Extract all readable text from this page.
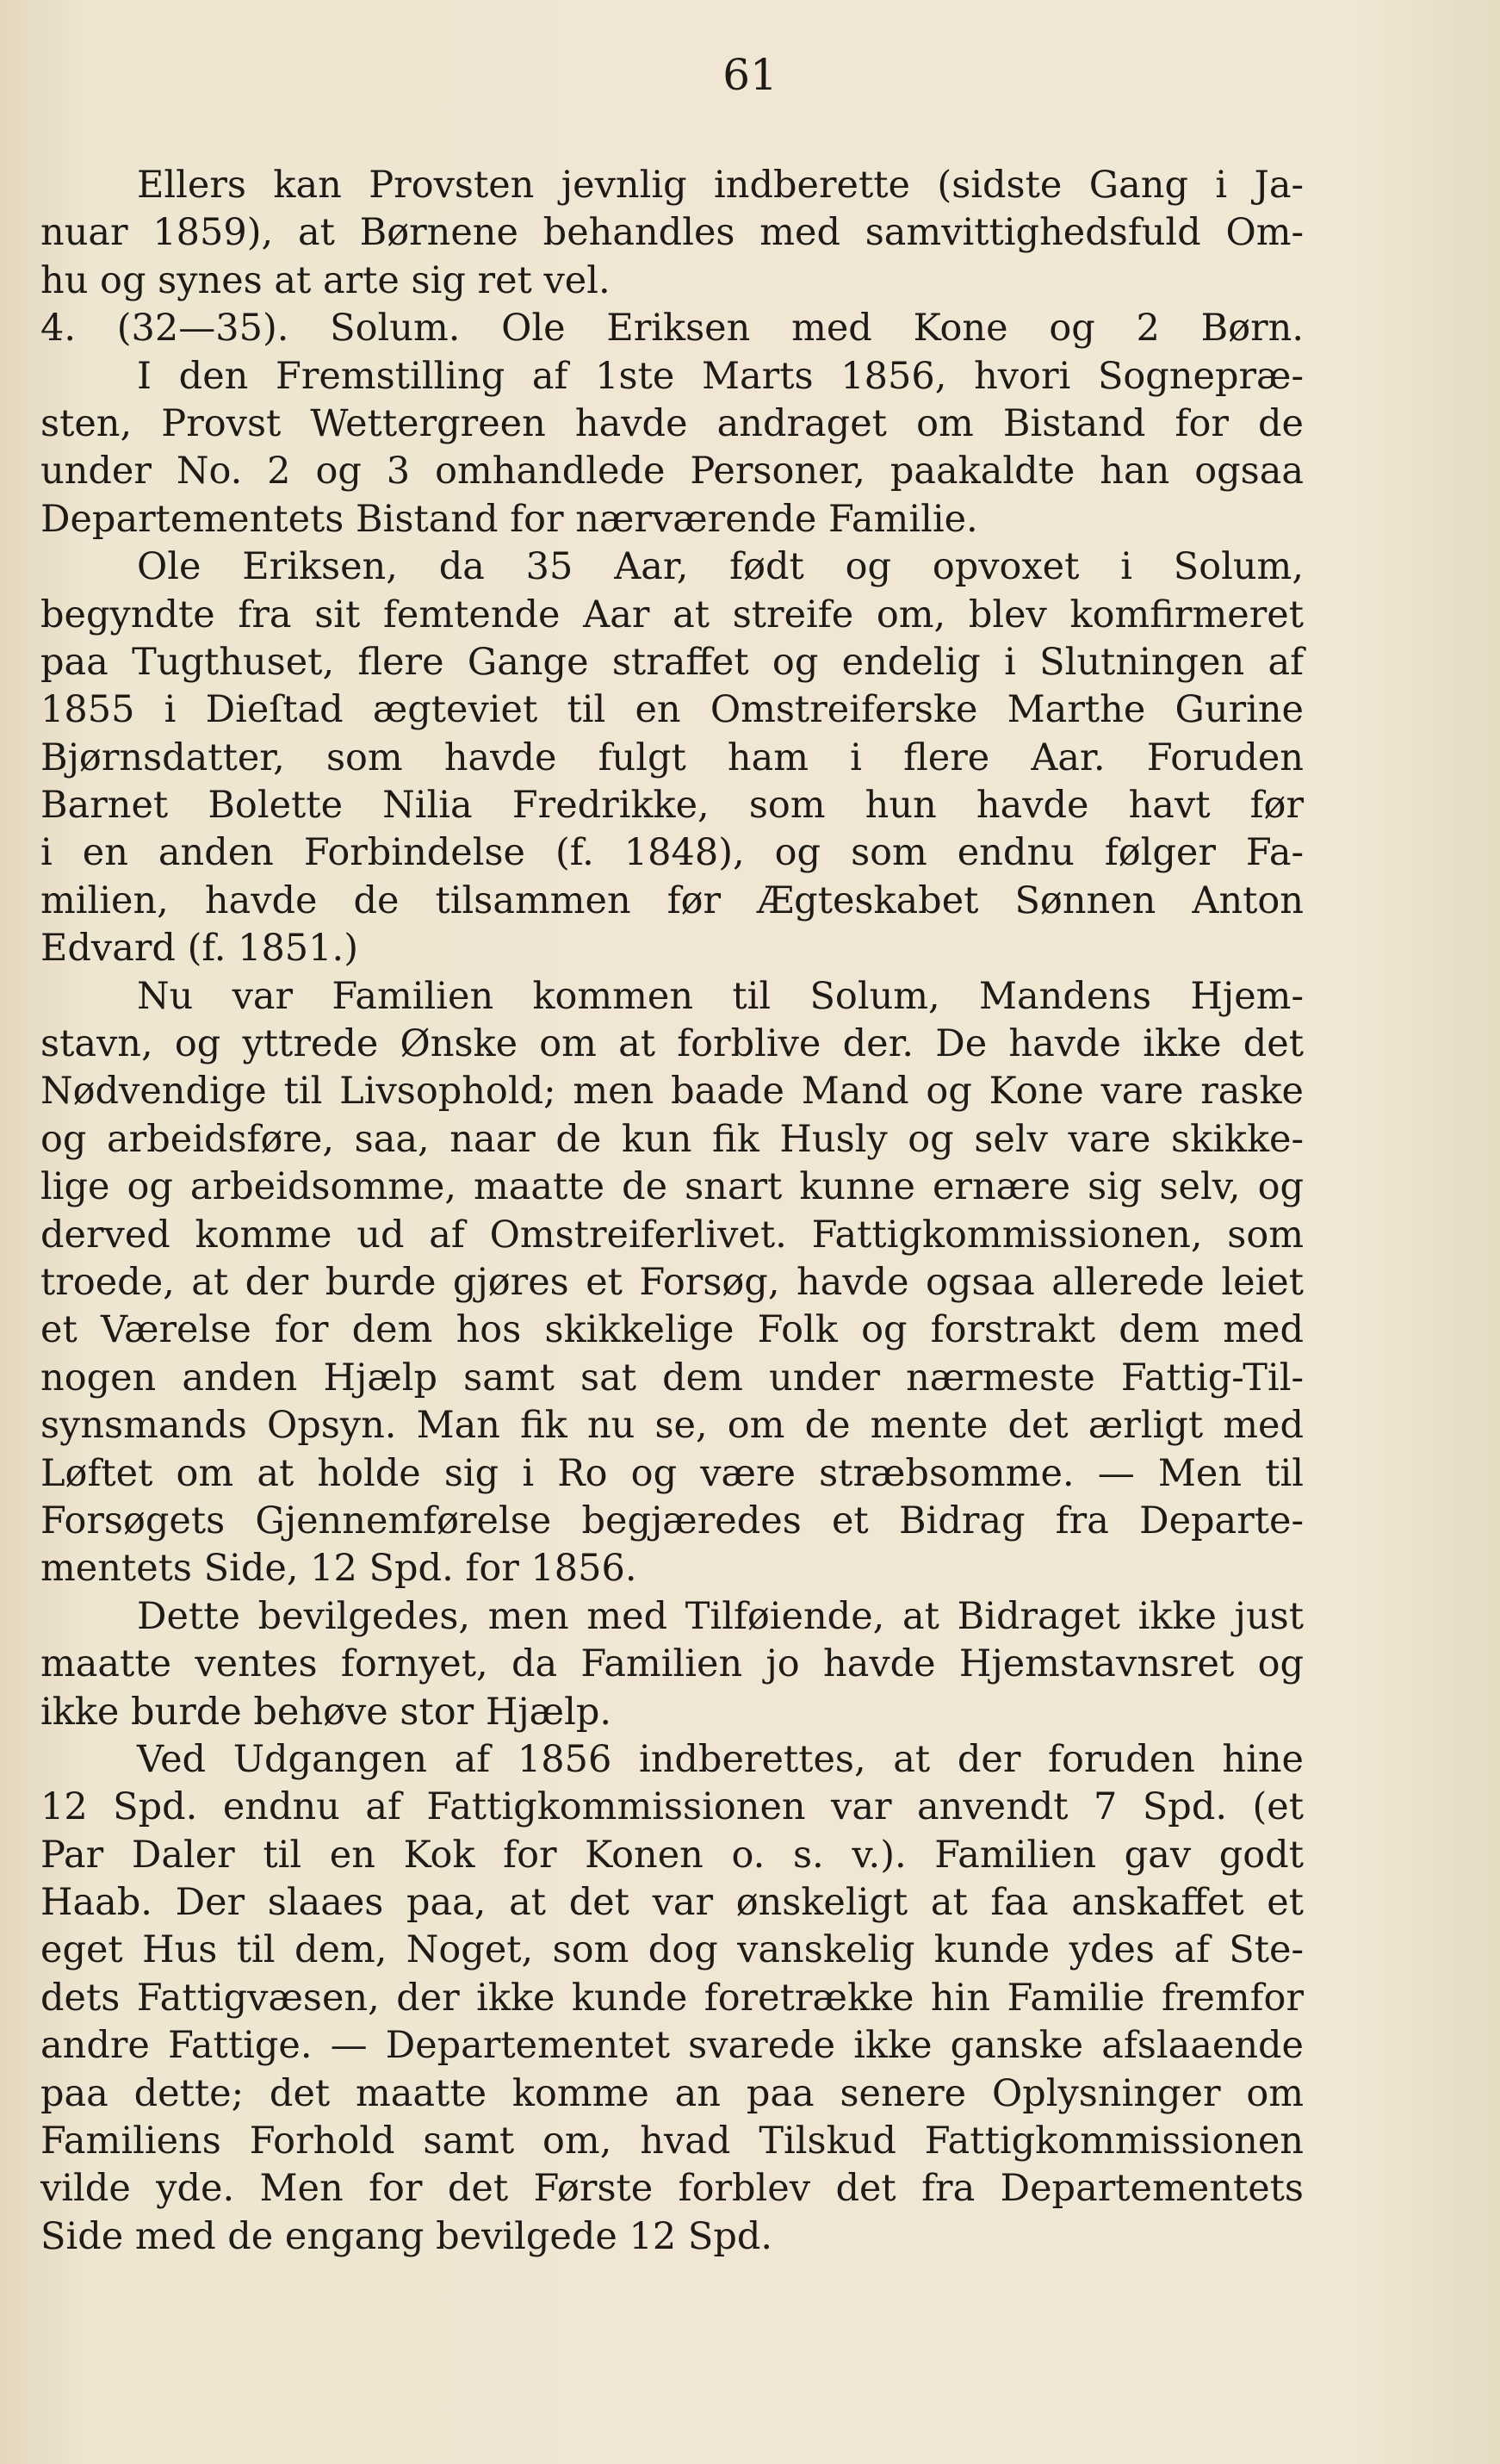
61
Ellers kan Provsten jevnlig indberette (sidste Gang i Ja-
nuar 1859), at Børnene behandles med samvittighedsfuld Om-
hu og synes at arte sig ret vel.
4. (32—35). Solum. Ole Eriksen med Kone og 2 Børn.
I den Fremstilling af 1ste Marts 1856, hvori Sognepræ-
sten, Provst Wettergreen havde andraget om Bistand for de
under No. 2 og 3 omhandlede Personer, paakaldte han ogsaa
Departementets Bistand for nærværende Familie.
Ole Eriksen, da 35 Aar, født og opvoxet i Solum,
begyndte fra sit femtende Aar at streife om, blev komfirmeret
paa Tugthuset, flere Gange straffet og endelig i Slutningen af
1855 i Dieſtad ægteviet til en Omstreiferske Marthe Gurine
Bjørnsdatter, som havde fulgt ham i flere Aar. Foruden
Barnet Bolette Nilia Fredrikke, som hun havde havt før
i en anden Forbindelse (f. 1848), og som endnu følger Fa-
milien, havde de tilsammen før Ægteskabet Sønnen Anton
Edvard (f. 1851.)
Nu var Familien kommen til Solum, Mandens Hjem-
stavn, og yttrede Ønske om at forblive der. De havde ikke det
Nødvendige til Livsophold; men baade Mand og Kone vare raske
og arbeidsføre, saa, naar de kun fik Husly og selv vare skikke-
lige og arbeidsomme, maatte de snart kunne ernære sig selv, og
derved komme ud af Omstreiferlivet. Fattigkommissionen, som
troede, at der burde gjøres et Forsøg, havde ogsaa allerede leiet
et Værelse for dem hos skikkelige Folk og forstrakt dem med
nogen anden Hjælp samt sat dem under nærmeste Fattig-Til-
synsmands Opsyn. Man fik nu se, om de mente det ærligt med
Løftet om at holde sig i Ro og være stræbsomme. — Men til
Forsøgets Gjennemførelse begjæredes et Bidrag fra Departe-
mentets Side, 12 Spd. for 1856.
Dette bevilgedes, men med Tilføiende, at Bidraget ikke just
maatte ventes fornyet, da Familien jo havde Hjemstavnsret og
ikke burde behøve stor Hjælp.
Ved Udgangen af 1856 indberettes, at der foruden hine
12 Spd. endnu af Fattigkommissionen var anvendt 7 Spd. (et
Par Daler til en Kok for Konen o. s. v.). Familien gav godt
Haab. Der slaaes paa, at det var ønskeligt at faa anskaffet et
eget Hus til dem, Noget, som dog vanskelig kunde ydes af Ste-
dets Fattigvæsen, der ikke kunde foretrække hin Familie fremfor
andre Fattige. — Departementet svarede ikke ganske afslaaende
paa dette; det maatte komme an paa senere Oplysninger om
Familiens Forhold samt om, hvad Tilskud Fattigkommissionen
vilde yde. Men for det Første forblev det fra Departementets
Side med de engang bevilgede 12 Spd.
